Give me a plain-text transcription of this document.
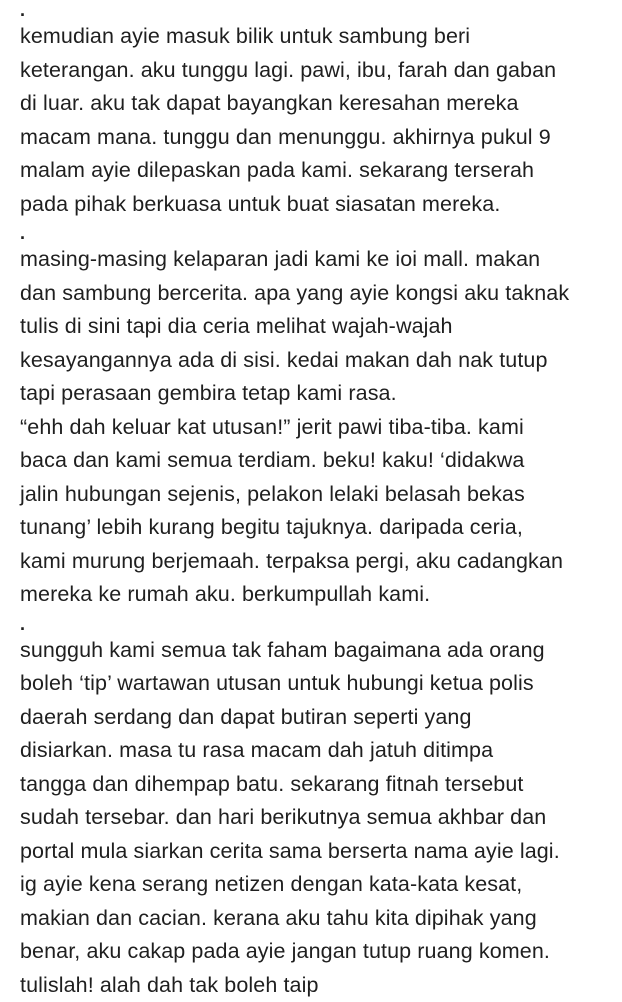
.
kemudian ayie masuk bilik untuk sambung beri
keterangan. aku tunggu lagi. pawi, ibu, farah dan gaban
di luar. aku tak dapat bayangkan keresahan mereka
macam mana. tunggu dan menunggu. akhirnya pukul 9
malam ayie dilepaskan pada kami. sekarang terserah
pada pihak berkuasa untuk buat siasatan mereka.
.
masing-masing kelaparan jadi kami ke ioi mall. makan
dan sambung bercerita. apa yang ayie kongsi aku taknak
tulis di sini tapi dia ceria melihat wajah-wajah
kesayangannya ada di sisi. kedai makan dah nak tutup
tapi perasaan gembira tetap kami rasa.
“ehh dah keluar kat utusan!” jerit pawi tiba-tiba. kami
baca dan kami semua terdiam. beku! kaku! ‘didakwa
jalin hubungan sejenis, pelakon lelaki belasah bekas
tunang’ lebih kurang begitu tajuknya. daripada ceria,
kami murung berjemaah. terpaksa pergi, aku cadangkan
mereka ke rumah aku. berkumpullah kami.
.
sungguh kami semua tak faham bagaimana ada orang
boleh ‘tip’ wartawan utusan untuk hubungi ketua polis
daerah serdang dan dapat butiran seperti yang
disiarkan. masa tu rasa macam dah jatuh ditimpa
tangga dan dihempap batu. sekarang fitnah tersebut
sudah tersebar. dan hari berikutnya semua akhbar dan
portal mula siarkan cerita sama berserta nama ayie lagi.
ig ayie kena serang netizen dengan kata-kata kesat,
makian dan cacian. kerana aku tahu kita dipihak yang
benar, aku cakap pada ayie jangan tutup ruang komen.
tulislah! alah dah tak boleh taip
